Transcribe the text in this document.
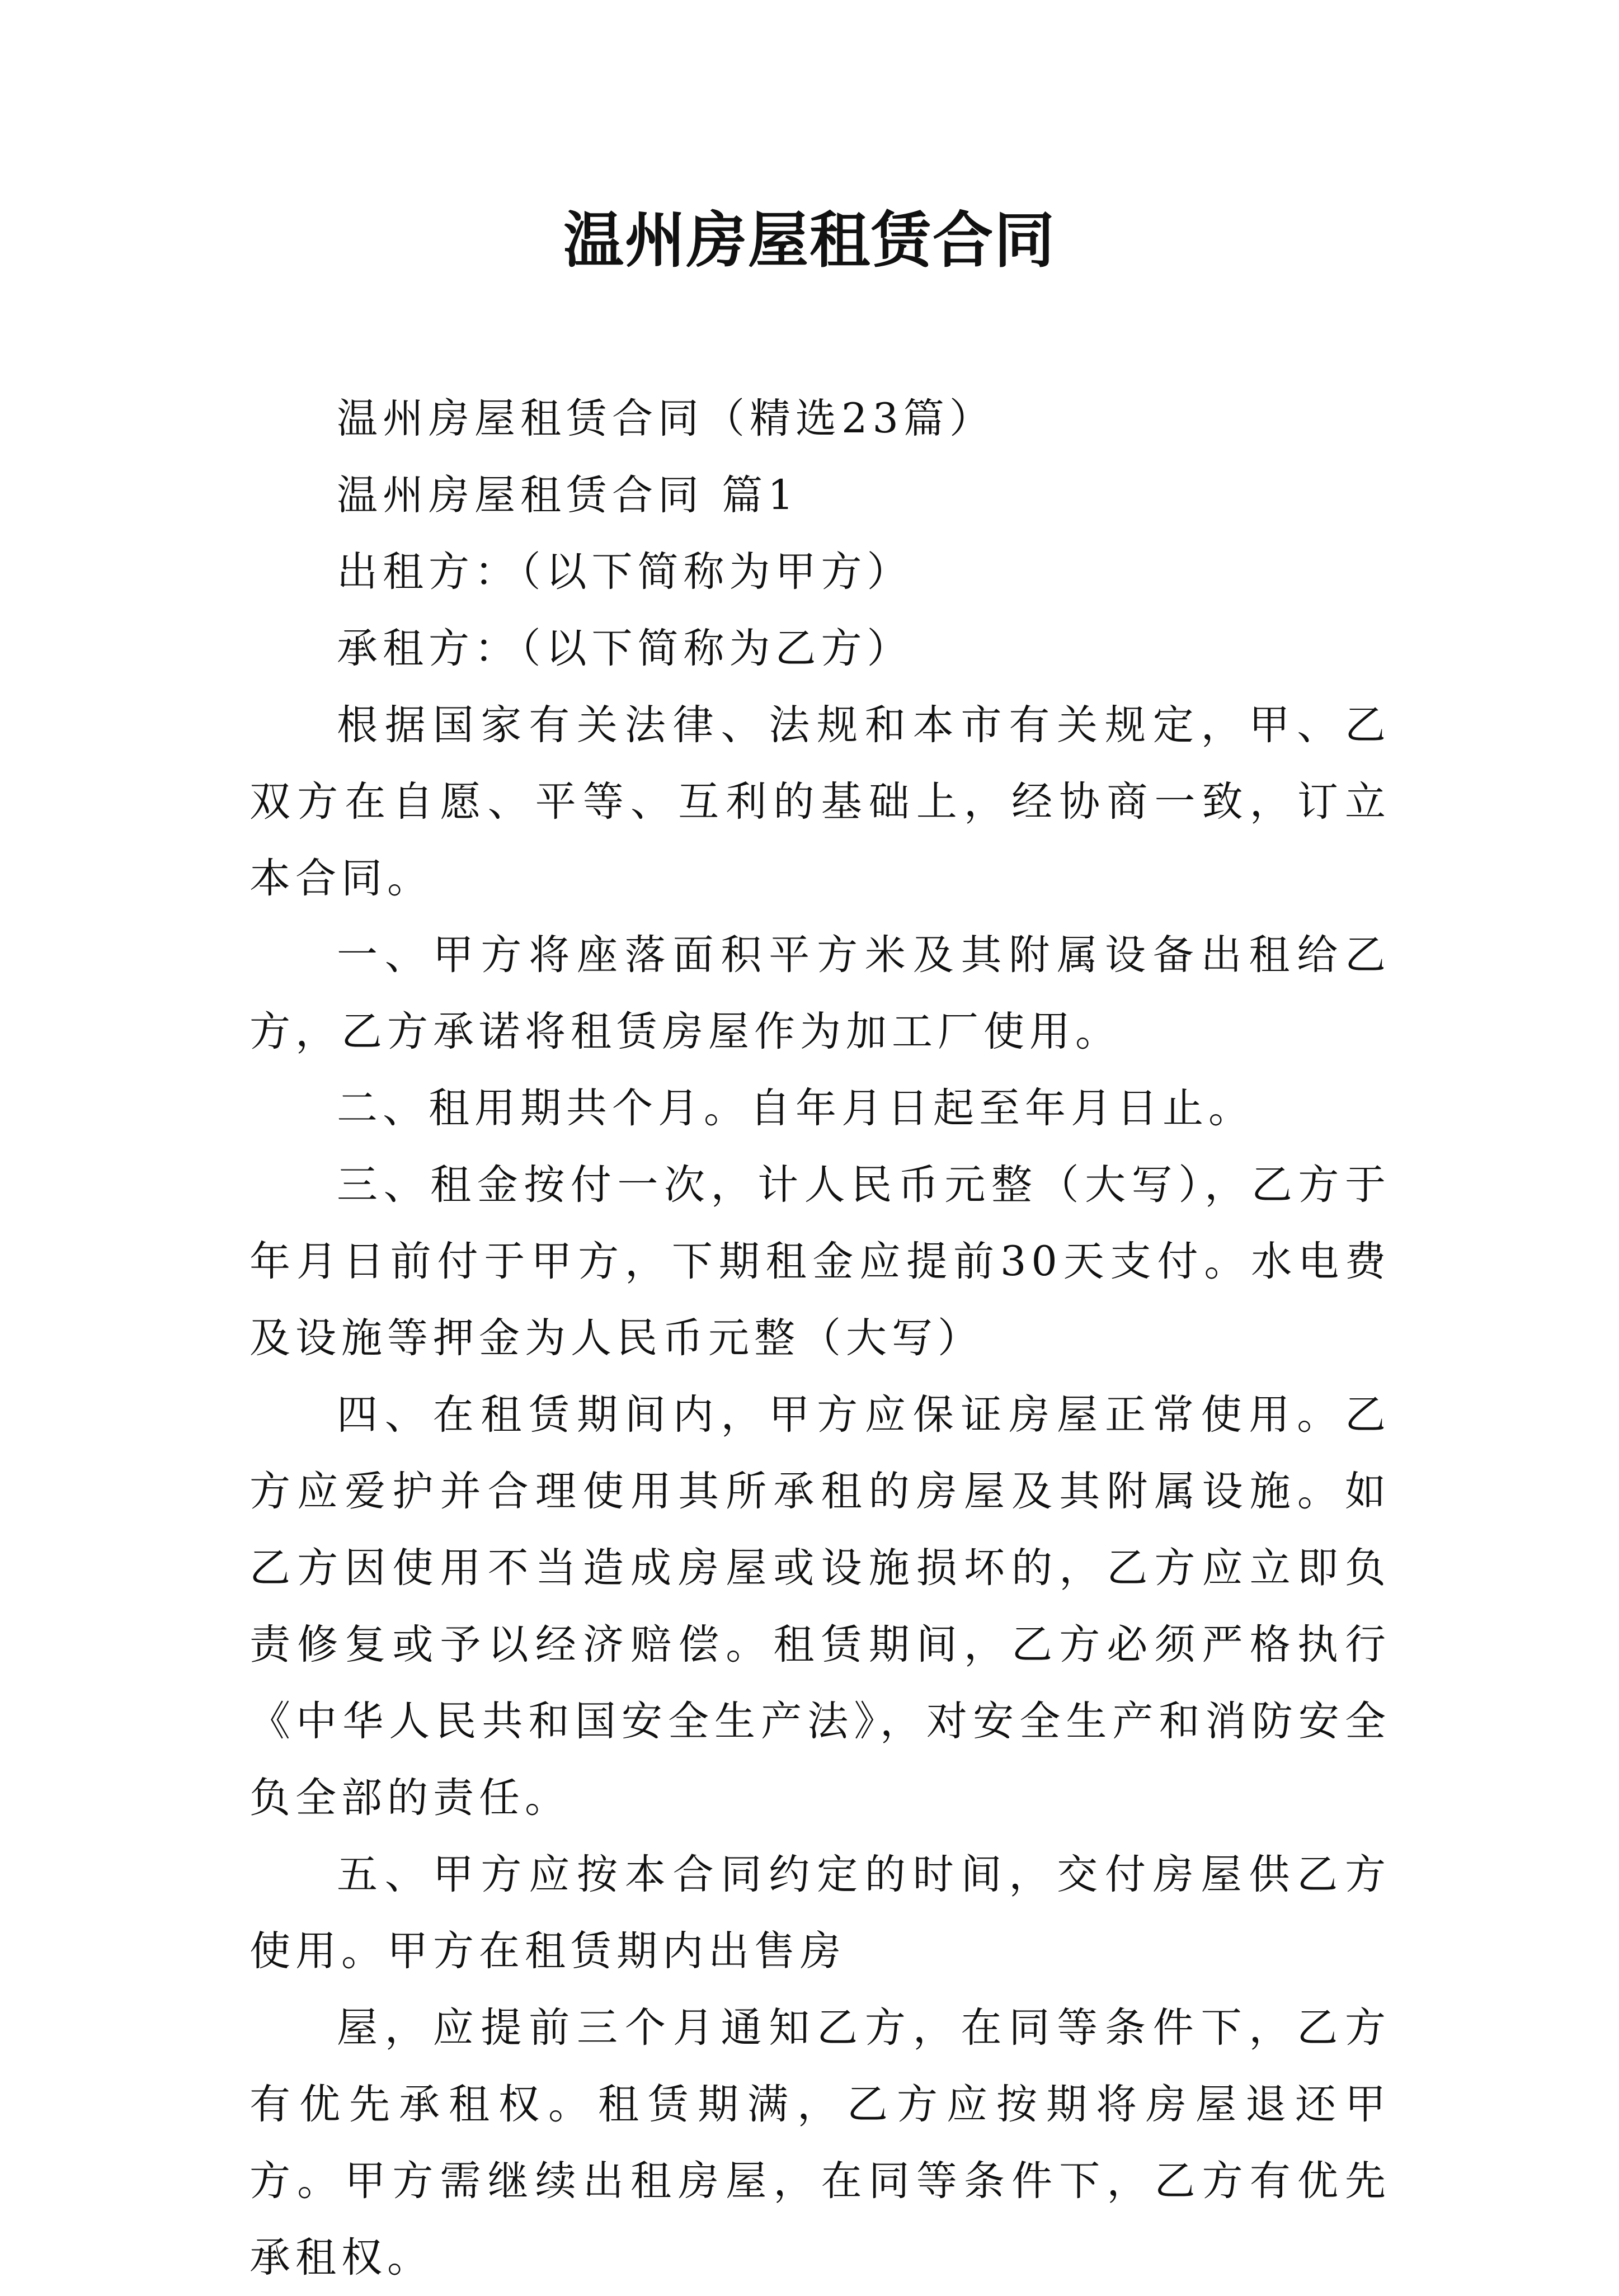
温州房屋租赁合同

温州房屋租赁合同（精选23篇）

温州房屋租赁合同 篇1

出租方：（以下简称为甲方）

承租方：（以下简称为乙方）

根据国家有关法律、法规和本市有关规定，甲、乙双方在自愿、平等、互利的基础上，经协商一致，订立本合同。

一、甲方将座落面积平方米及其附属设备出租给乙方，乙方承诺将租赁房屋作为加工厂使用。

二、租用期共个月。自年月日起至年月日止。

三、租金按付一次，计人民币元整（大写），乙方于年月日前付于甲方，下期租金应提前30天支付。水电费及设施等押金为人民币元整（大写）

四、在租赁期间内，甲方应保证房屋正常使用。乙方应爱护并合理使用其所承租的房屋及其附属设施。如乙方因使用不当造成房屋或设施损坏的，乙方应立即负责修复或予以经济赔偿。租赁期间，乙方必须严格执行《中华人民共和国安全生产法》，对安全生产和消防安全负全部的责任。

五、甲方应按本合同约定的时间，交付房屋供乙方使用。甲方在租赁期内出售房

屋，应提前三个月通知乙方，在同等条件下，乙方有优先承租权。租赁期满，乙方应按期将房屋退还甲方。甲方需继续出租房屋，在同等条件下，乙方有优先承租权。
